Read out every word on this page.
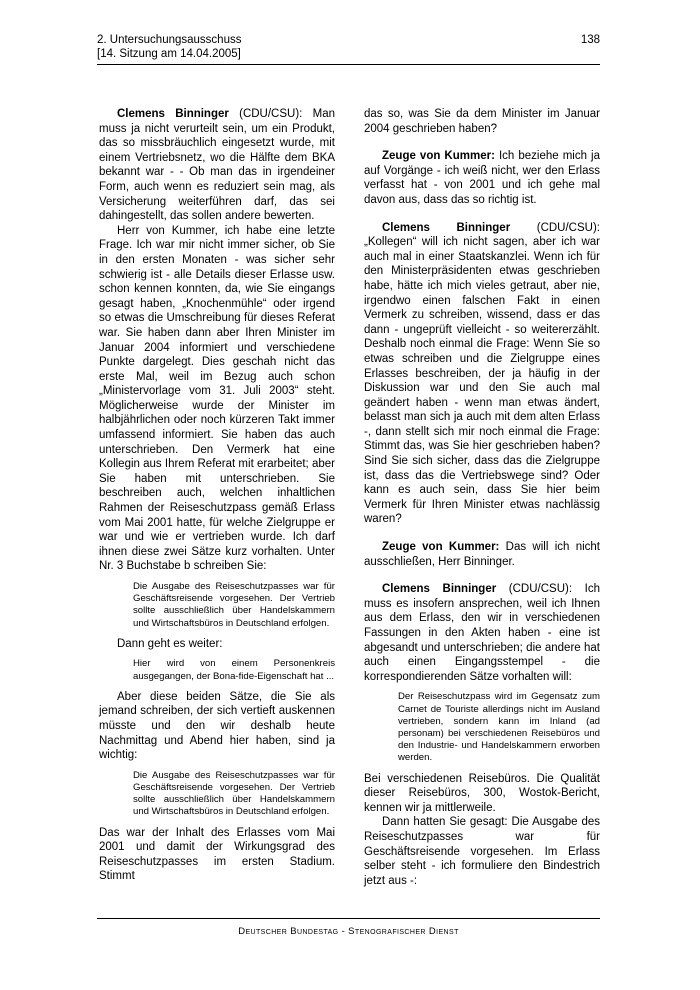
2. Untersuchungsausschuss
[14. Sitzung am 14.04.2005]
138

Clemens Binninger (CDU/CSU): Man muss ja nicht verurteilt sein, um ein Produkt, das so missbräuchlich eingesetzt wurde, mit einem Vertriebsnetz, wo die Hälfte dem BKA bekannt war - - Ob man das in irgendeiner Form, auch wenn es reduziert sein mag, als Versicherung weiterführen darf, das sei dahingestellt, das sollen andere bewerten.

Herr von Kummer, ich habe eine letzte Frage. Ich war mir nicht immer sicher, ob Sie in den ersten Monaten - was sicher sehr schwierig ist - alle Details dieser Erlasse usw. schon kennen konnten, da, wie Sie eingangs gesagt haben, „Knochenmühle“ oder irgend so etwas die Umschreibung für dieses Referat war. Sie haben dann aber Ihren Minister im Januar 2004 informiert und verschiedene Punkte dargelegt. Dies geschah nicht das erste Mal, weil im Bezug auch schon „Ministervorlage vom 31. Juli 2003“ steht. Möglicherweise wurde der Minister im halbjährlichen oder noch kürzeren Takt immer umfassend informiert. Sie haben das auch unterschrieben. Den Vermerk hat eine Kollegin aus Ihrem Referat mit erarbeitet; aber Sie haben mit unterschrieben. Sie beschreiben auch, welchen inhaltlichen Rahmen der Reiseschutzpass gemäß Erlass vom Mai 2001 hatte, für welche Zielgruppe er war und wie er vertrieben wurde. Ich darf ihnen diese zwei Sätze kurz vorhalten. Unter Nr. 3 Buchstabe b schreiben Sie:

Die Ausgabe des Reiseschutzpasses war für Geschäftsreisende vorgesehen. Der Vertrieb sollte ausschließlich über Handelskammern und Wirtschaftsbüros in Deutschland erfolgen.

Dann geht es weiter:

Hier wird von einem Personenkreis ausgegangen, der Bona-fide-Eigenschaft hat ...

Aber diese beiden Sätze, die Sie als jemand schreiben, der sich vertieft auskennen müsste und den wir deshalb heute Nachmittag und Abend hier haben, sind ja wichtig:

Die Ausgabe des Reiseschutzpasses war für Geschäftsreisende vorgesehen. Der Vertrieb sollte ausschließlich über Handelskammern und Wirtschaftsbüros in Deutschland erfolgen.

Das war der Inhalt des Erlasses vom Mai 2001 und damit der Wirkungsgrad des Reiseschutzpasses im ersten Stadium. Stimmt

das so, was Sie da dem Minister im Januar 2004 geschrieben haben?

Zeuge von Kummer: Ich beziehe mich ja auf Vorgänge - ich weiß nicht, wer den Erlass verfasst hat - von 2001 und ich gehe mal davon aus, dass das so richtig ist.

Clemens Binninger (CDU/CSU): „Kollegen“ will ich nicht sagen, aber ich war auch mal in einer Staatskanzlei. Wenn ich für den Ministerpräsidenten etwas geschrieben habe, hätte ich mich vieles getraut, aber nie, irgendwo einen falschen Fakt in einen Vermerk zu schreiben, wissend, dass er das dann - ungeprüft vielleicht - so weitererzählt. Deshalb noch einmal die Frage: Wenn Sie so etwas schreiben und die Zielgruppe eines Erlasses beschreiben, der ja häufig in der Diskussion war und den Sie auch mal geändert haben - wenn man etwas ändert, belasst man sich ja auch mit dem alten Erlass -, dann stellt sich mir noch einmal die Frage: Stimmt das, was Sie hier geschrieben haben? Sind Sie sich sicher, dass das die Zielgruppe ist, dass das die Vertriebswege sind? Oder kann es auch sein, dass Sie hier beim Vermerk für Ihren Minister etwas nachlässig waren?

Zeuge von Kummer: Das will ich nicht ausschließen, Herr Binninger.

Clemens Binninger (CDU/CSU): Ich muss es insofern ansprechen, weil ich Ihnen aus dem Erlass, den wir in verschiedenen Fassungen in den Akten haben - eine ist abgesandt und unterschrieben; die andere hat auch einen Eingangsstempel - die korrespondierenden Sätze vorhalten will:

Der Reiseschutzpass wird im Gegensatz zum Carnet de Touriste allerdings nicht im Ausland vertrieben, sondern kann im Inland (ad personam) bei verschiedenen Reisebüros und den Industrie- und Handelskammern erworben werden.

Bei verschiedenen Reisebüros. Die Qualität dieser Reisebüros, 300, Wostok-Bericht, kennen wir ja mittlerweile.

Dann hatten Sie gesagt: Die Ausgabe des Reiseschutzpasses war für Geschäftsreisende vorgesehen. Im Erlass selber steht - ich formuliere den Bindestrich jetzt aus -:

Deutscher Bundestag - Stenografischer Dienst
